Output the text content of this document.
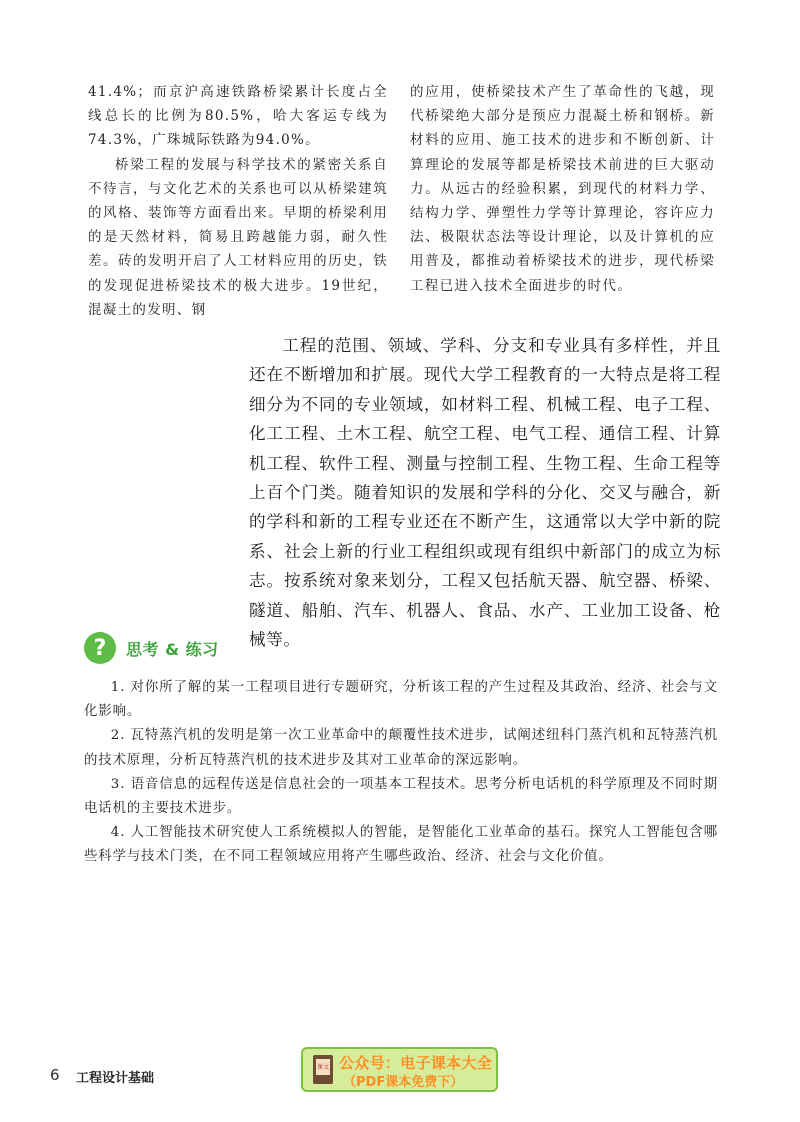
41.4%；而京沪高速铁路桥梁累计长度占全线总长的比例为80.5%，哈大客运专线为74.3%，广珠城际铁路为94.0%。

桥梁工程的发展与科学技术的紧密关系自不待言，与文化艺术的关系也可以从桥梁建筑的风格、装饰等方面看出来。早期的桥梁利用的是天然材料，简易且跨越能力弱，耐久性差。砖的发明开启了人工材料应用的历史，铁的发现促进桥梁技术的极大进步。19世纪，混凝土的发明、钢

的应用，使桥梁技术产生了革命性的飞越，现代桥梁绝大部分是预应力混凝土桥和钢桥。新材料的应用、施工技术的进步和不断创新、计算理论的发展等都是桥梁技术前进的巨大驱动力。从远古的经验积累，到现代的材料力学、结构力学、弹塑性力学等计算理论，容许应力法、极限状态法等设计理论，以及计算机的应用普及，都推动着桥梁技术的进步，现代桥梁工程已进入技术全面进步的时代。

工程的范围、领域、学科、分支和专业具有多样性，并且还在不断增加和扩展。现代大学工程教育的一大特点是将工程细分为不同的专业领域，如材料工程、机械工程、电子工程、化工工程、土木工程、航空工程、电气工程、通信工程、计算机工程、软件工程、测量与控制工程、生物工程、生命工程等上百个门类。随着知识的发展和学科的分化、交叉与融合，新的学科和新的工程专业还在不断产生，这通常以大学中新的院系、社会上新的行业工程组织或现有组织中新部门的成立为标志。按系统对象来划分，工程又包括航天器、航空器、桥梁、隧道、船舶、汽车、机器人、食品、水产、工业加工设备、枪械等。

?	思考 & 练习

1. 对你所了解的某一工程项目进行专题研究，分析该工程的产生过程及其政治、经济、社会与文化影响。

2. 瓦特蒸汽机的发明是第一次工业革命中的颠覆性技术进步，试阐述纽科门蒸汽机和瓦特蒸汽机的技术原理，分析瓦特蒸汽机的技术进步及其对工业革命的深远影响。

3. 语音信息的远程传送是信息社会的一项基本工程技术。思考分析电话机的科学原理及不同时期电话机的主要技术进步。

4. 人工智能技术研究使人工系统模拟人的智能，是智能化工业革命的基石。探究人工智能包含哪些科学与技术门类，在不同工程领域应用将产生哪些政治、经济、社会与文化价值。

6 工程设计基础
课文 公众号：电子课本大全
（PDF课本免费下）
